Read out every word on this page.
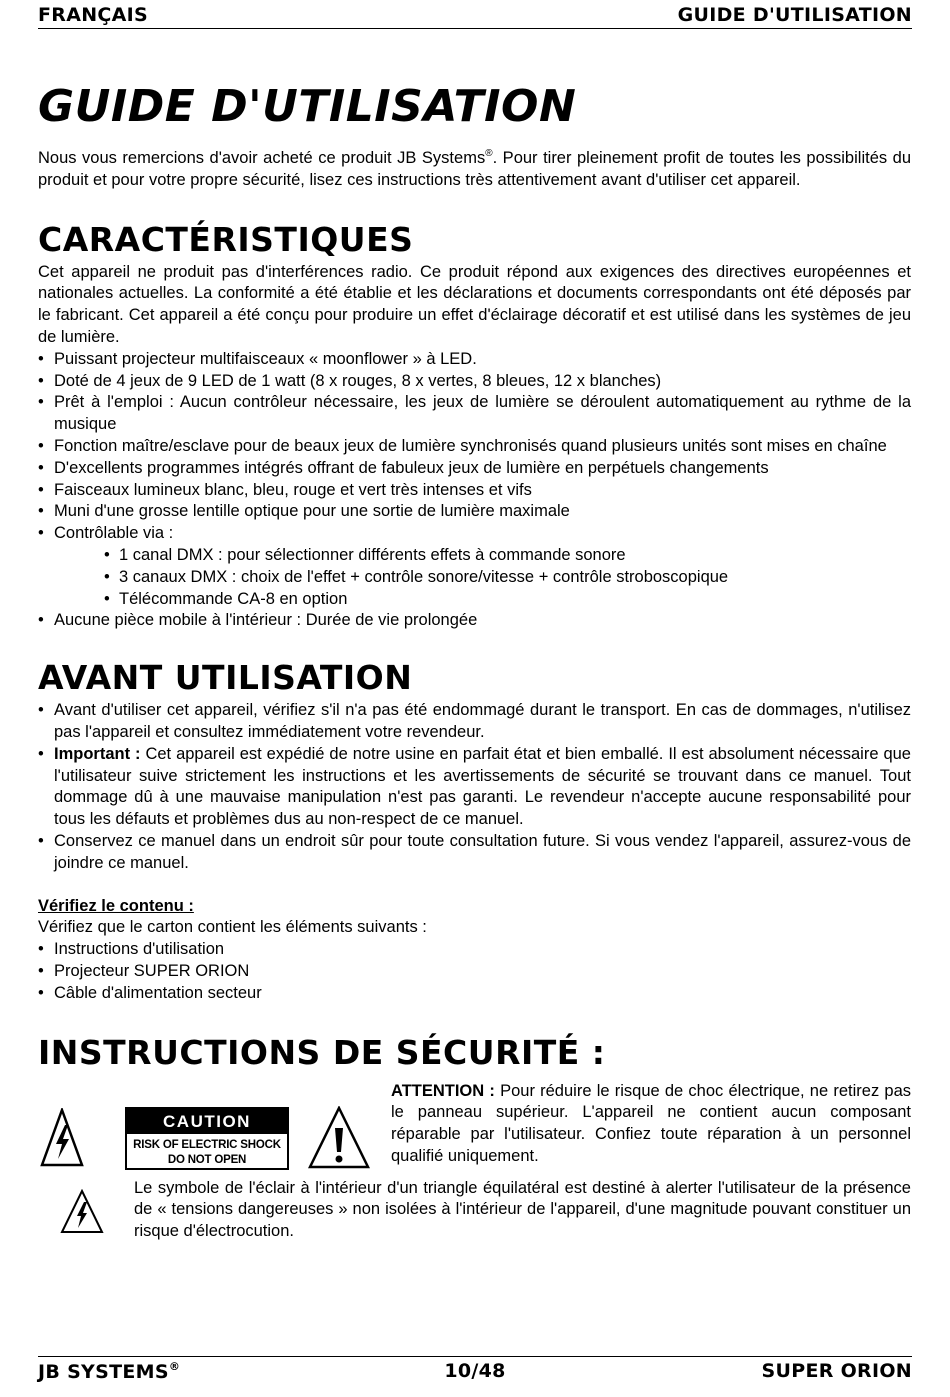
FRANÇAIS	GUIDE D'UTILISATION
GUIDE D'UTILISATION

Nous vous remercions d'avoir acheté ce produit JB Systems®. Pour tirer pleinement profit de toutes les possibilités du produit et pour votre propre sécurité, lisez ces instructions très attentivement avant d'utiliser cet appareil.

CARACTÉRISTIQUES

Cet appareil ne produit pas d'interférences radio. Ce produit répond aux exigences des directives européennes et nationales actuelles. La conformité a été établie et les déclarations et documents correspondants ont été déposés par le fabricant. Cet appareil a été conçu pour produire un effet d'éclairage décoratif et est utilisé dans les systèmes de jeu de lumière.

• Puissant projecteur multifaisceaux « moonflower » à LED.
• Doté de 4 jeux de 9 LED de 1 watt (8 x rouges, 8 x vertes, 8 bleues, 12 x blanches)
• Prêt à l'emploi : Aucun contrôleur nécessaire, les jeux de lumière se déroulent automatiquement au rythme de la musique
• Fonction maître/esclave pour de beaux jeux de lumière synchronisés quand plusieurs unités sont mises en chaîne
• D'excellents programmes intégrés offrant de fabuleux jeux de lumière en perpétuels changements
• Faisceaux lumineux blanc, bleu, rouge et vert très intenses et vifs
• Muni d'une grosse lentille optique pour une sortie de lumière maximale
• Contrôlable via :
• 1 canal DMX : pour sélectionner différents effets à commande sonore
• 3 canaux DMX : choix de l'effet + contrôle sonore/vitesse + contrôle stroboscopique
• Télécommande CA-8 en option
• Aucune pièce mobile à l'intérieur : Durée de vie prolongée
AVANT UTILISATION
• Avant d'utiliser cet appareil, vérifiez s'il n'a pas été endommagé durant le transport. En cas de dommages, n'utilisez pas l'appareil et consultez immédiatement votre revendeur.
• Important : Cet appareil est expédié de notre usine en parfait état et bien emballé. Il est absolument nécessaire que l'utilisateur suive strictement les instructions et les avertissements de sécurité se trouvant dans ce manuel. Tout dommage dû à une mauvaise manipulation n'est pas garanti. Le revendeur n'accepte aucune responsabilité pour tous les défauts et problèmes dus au non-respect de ce manuel.
• Conservez ce manuel dans un endroit sûr pour toute consultation future. Si vous vendez l'appareil, assurez-vous de joindre ce manuel.
Vérifiez le contenu :

Vérifiez que le carton contient les éléments suivants :

• Instructions d'utilisation
• Projecteur SUPER ORION
• Câble d'alimentation secteur
INSTRUCTIONS DE SÉCURITÉ :
CAUTION
RISK OF ELECTRIC SHOCK
DO NOT OPEN

ATTENTION : Pour réduire le risque de choc électrique, ne retirez pas le panneau supérieur. L'appareil ne contient aucun composant réparable par l'utilisateur. Confiez toute réparation à un personnel qualifié uniquement.

Le symbole de l'éclair à l'intérieur d'un triangle équilatéral est destiné à alerter l'utilisateur de la présence de « tensions dangereuses » non isolées à l'intérieur de l'appareil, d'une magnitude pouvant constituer un risque d'électrocution.

JB SYSTEMS®	10/48	SUPER ORION
